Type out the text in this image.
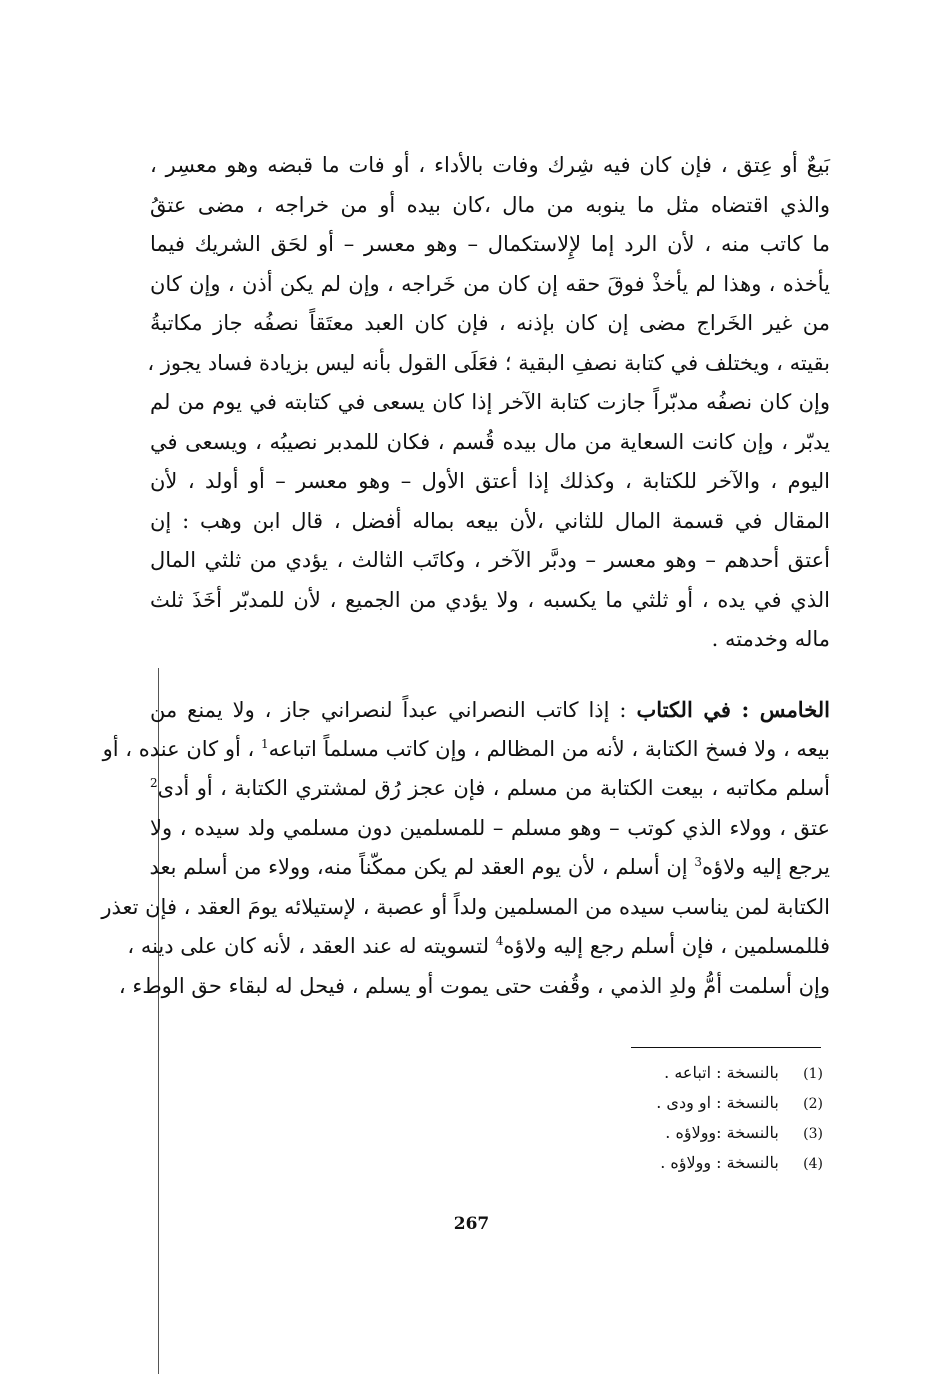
بَيعٌ أو عِتق ، فإن كان فيه شِرك وفات بالأداء ، أو فات ما قبضه وهو معسِر ،
والذي اقتضاه مثل ما ينوبه من مال ،كان بيده أو من خراجه ، مضى عتقُ
ما كاتب منه ، لأن الرد إما لإِلاستكمال – وهو معسر – أو لحَق الشريك فيما
يأخذه ، وهذا لم يأخذْ فوقَ حقه إن كان من خَراجه ، وإن لم يكن أذن ، وإن كان
من غير الخَراج مضى إن كان بإذنه ، فإن كان العبد معتَقاً نصفُه جاز مكاتبةُ
بقيته ، ويختلف في كتابة نصفِ البقية ؛ فعَلَى القول بأنه ليس بزيادة فساد يجوز ،
وإن كان نصفُه مدبّراً جازت كتابة الآخر إذا كان يسعى في كتابته في يوم من لم
يدبّر ، وإن كانت السعاية من مال بيده قُسم ، فكان للمدبر نصيبُه ، ويسعى في
اليوم ، والآخر للكتابة ، وكذلك إذا أعتق الأول – وهو معسر – أو أولد ، لأن
المقال في قسمة المال للثاني ،لأن بيعه بماله أفضل ، قال ابن وهب : إن
أعتق أحدهم – وهو معسر – ودبَّر الآخر ، وكاتَب الثالث ، يؤدي من ثلثي المال
الذي في يده ، أو ثلثي ما يكسبه ، ولا يؤدي من الجميع ، لأن للمدبّر أخَذَ ثلث
ماله وخدمته .
الخامس : في الكتاب : إذا كاتب النصراني عبداً لنصراني جاز ، ولا يمنع من
بيعه ، ولا فسخ الكتابة ، لأنه من المظالم ، وإن كاتب مسلماً اتباعه$^1$ ، أو كان عنده ، أو
أسلم مكاتبه ، بيعت الكتابة من مسلم ، فإن عجز رُق لمشتري الكتابة ، أو أدى$^2$
عتق ، وولاء الذي كوتب – وهو مسلم – للمسلمين دون مسلمي ولد سيده ، ولا
يرجع إليه ولاؤه$^3$ إن أسلم ، لأن يوم العقد لم يكن ممكّناً منه، وولاء من أسلم بعد
الكتابة لمن يناسب سيده من المسلمين ولداً أو عصبة ، لإستيلائه يومَ العقد ، فإن تعذر
فللمسلمين ، فإن أسلم رجع إليه ولاؤه$^4$ لتسويته له عند العقد ، لأنه كان على دينه ،
وإن أسلمت أمُّ ولدِ الذمي ، وقُفت حتى يموت أو يسلم ، فيحل له لبقاء حق الوطء ،
(1)  بالنسخة : اتباعه .
(2)  بالنسخة : او ودى .
(3)  بالنسخة :وولاؤه .
(4)  بالنسخة : وولاؤه .
267
